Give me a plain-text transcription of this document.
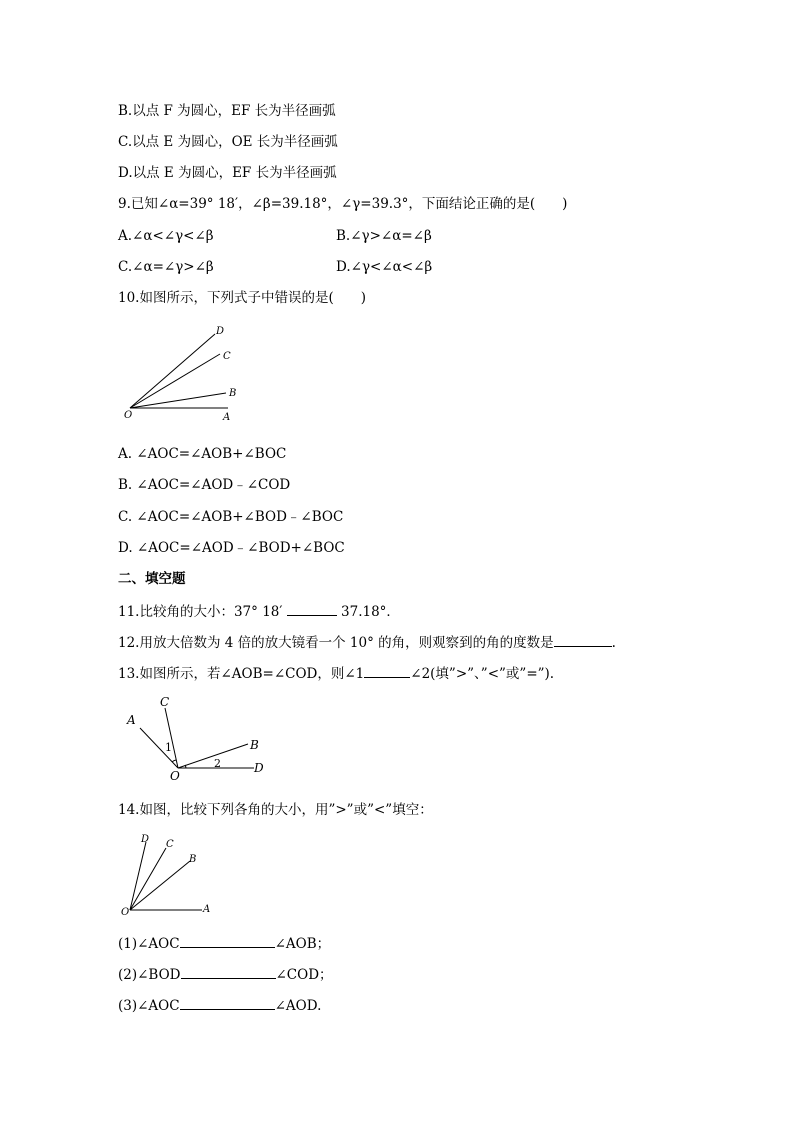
B.以点 F 为圆心，EF 长为半径画弧
C.以点 E 为圆心，OE 长为半径画弧
D.以点 E 为圆心，EF 长为半径画弧
9.已知∠α=39° 18′，∠β=39.18°，∠γ=39.3°，下面结论正确的是(　　)
A.∠α<∠γ<∠β	B.∠γ>∠α=∠β
C.∠α=∠γ>∠β	D.∠γ<∠α<∠β
10.如图所示，下列式子中错误的是(　　)
O	A
B
C
D
A. ∠AOC=∠AOB+∠BOC
B. ∠AOC=∠AOD﹣∠COD
C. ∠AOC=∠AOB+∠BOD﹣∠BOC
D. ∠AOC=∠AOD﹣∠BOD+∠BOC
二、填空题
11.比较角的大小：37° 18′	37.18°．
12.用放大倍数为 4 倍的放大镜看一个 10° 的角，则观察到的角的度数是	.
13.如图所示，若∠AOB=∠COD，则∠1	∠2(填”>”、”<”或”=”).
A
C
B
D
O
1
2
14.如图，比较下列各角的大小，用”>”或”<”填空：
O	A
B
C
D
(1)∠AOC	∠AOB；
(2)∠BOD	∠COD；
(3)∠AOC	∠AOD.
